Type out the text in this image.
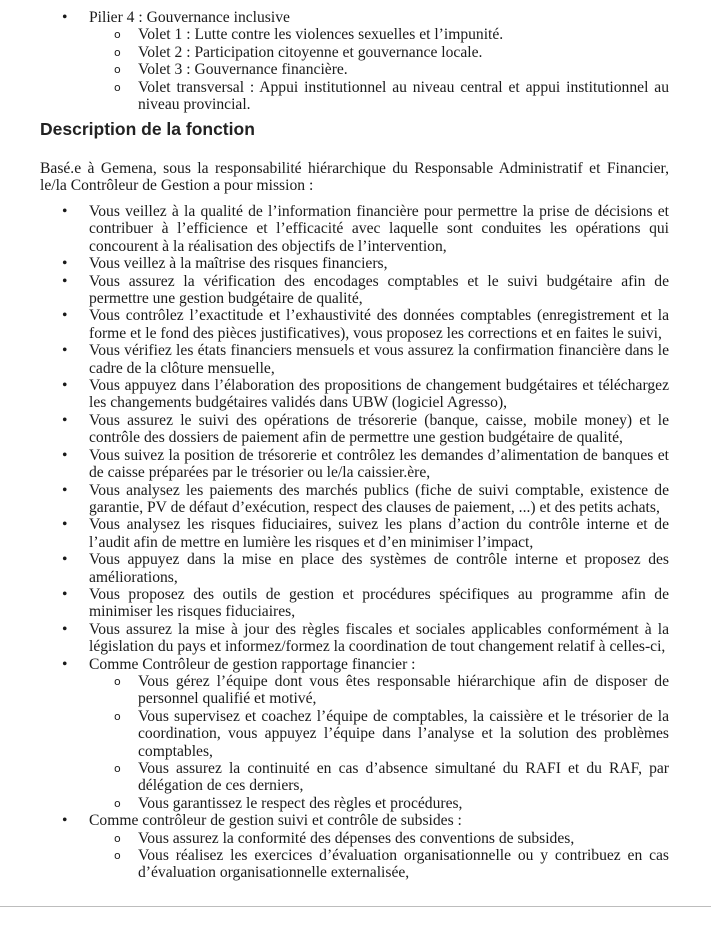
• Pilier 4 : Gouvernance inclusive
o Volet 1 : Lutte contre les violences sexuelles et l’impunité.
o Volet 2 : Participation citoyenne et gouvernance locale.
o Volet 3 : Gouvernance financière.
o Volet transversal : Appui institutionnel au niveau central et appui institutionnel au niveau provincial.
Description de la fonction
Basé.e à Gemena, sous la responsabilité hiérarchique du Responsable Administratif et Financier, le/la Contrôleur de Gestion a pour mission :
• Vous veillez à la qualité de l’information financière pour permettre la prise de décisions et contribuer à l’efficience et l’efficacité avec laquelle sont conduites les opérations qui concourent à la réalisation des objectifs de l’intervention,
• Vous veillez à la maîtrise des risques financiers,
• Vous assurez la vérification des encodages comptables et le suivi budgétaire afin de permettre une gestion budgétaire de qualité,
• Vous contrôlez l’exactitude et l’exhaustivité des données comptables (enregistrement et la forme et le fond des pièces justificatives), vous proposez les corrections et en faites le suivi,
• Vous vérifiez les états financiers mensuels et vous assurez la confirmation financière dans le cadre de la clôture mensuelle,
• Vous appuyez dans l’élaboration des propositions de changement budgétaires et téléchargez les changements budgétaires validés dans UBW (logiciel Agresso),
• Vous assurez le suivi des opérations de trésorerie (banque, caisse, mobile money) et le contrôle des dossiers de paiement afin de permettre une gestion budgétaire de qualité,
• Vous suivez la position de trésorerie et contrôlez les demandes d’alimentation de banques et de caisse préparées par le trésorier ou le/la caissier.ère,
• Vous analysez les paiements des marchés publics (fiche de suivi comptable, existence de garantie, PV de défaut d’exécution, respect des clauses de paiement, ...) et des petits achats,
• Vous analysez les risques fiduciaires, suivez les plans d’action du contrôle interne et de l’audit afin de mettre en lumière les risques et d’en minimiser l’impact,
• Vous appuyez dans la mise en place des systèmes de contrôle interne et proposez des améliorations,
• Vous proposez des outils de gestion et procédures spécifiques au programme afin de minimiser les risques fiduciaires,
• Vous assurez la mise à jour des règles fiscales et sociales applicables conformément à la législation du pays et informez/formez la coordination de tout changement relatif à celles-ci,
• Comme Contrôleur de gestion rapportage financier :
o Vous gérez l’équipe dont vous êtes responsable hiérarchique afin de disposer de personnel qualifié et motivé,
o Vous supervisez et coachez l’équipe de comptables, la caissière et le trésorier de la coordination, vous appuyez l’équipe dans l’analyse et la solution des problèmes comptables,
o Vous assurez la continuité en cas d’absence simultané du RAFI et du RAF, par délégation de ces derniers,
o Vous garantissez le respect des règles et procédures,
• Comme contrôleur de gestion suivi et contrôle de subsides :
o Vous assurez la conformité des dépenses des conventions de subsides,
o Vous réalisez les exercices d’évaluation organisationnelle ou y contribuez en cas d’évaluation organisationnelle externalisée,
